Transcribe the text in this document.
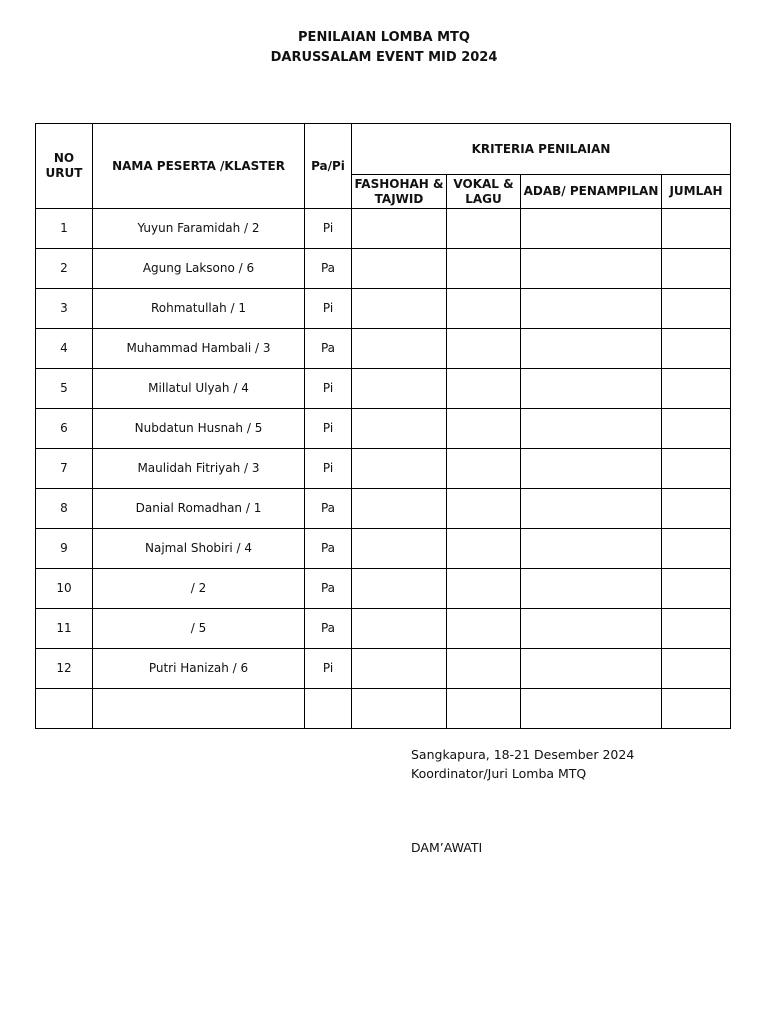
PENILAIAN LOMBA MTQ
DARUSSALAM EVENT MID 2024
NO URUT	NAMA PESERTA /KLASTER	Pa/Pi	KRITERIA PENILAIAN			
			FASHOHAH & TAJWID	VOKAL & LAGU	ADAB/ PENAMPILAN	JUMLAH
1	Yuyun Faramidah / 2	Pi				
2	Agung Laksono / 6	Pa				
3	Rohmatullah / 1	Pi				
4	Muhammad Hambali / 3	Pa				
5	Millatul Ulyah / 4	Pi				
6	Nubdatun Husnah / 5	Pi				
7	Maulidah Fitriyah / 3	Pi				
8	Danial Romadhan / 1	Pa				
9	Najmal Shobiri / 4	Pa				
10	/ 2	Pa				
11	/ 5	Pa				
12	Putri Hanizah / 6	Pi				

Sangkapura, 18-21 Desember 2024
Koordinator/Juri Lomba MTQ
DAM’AWATI
